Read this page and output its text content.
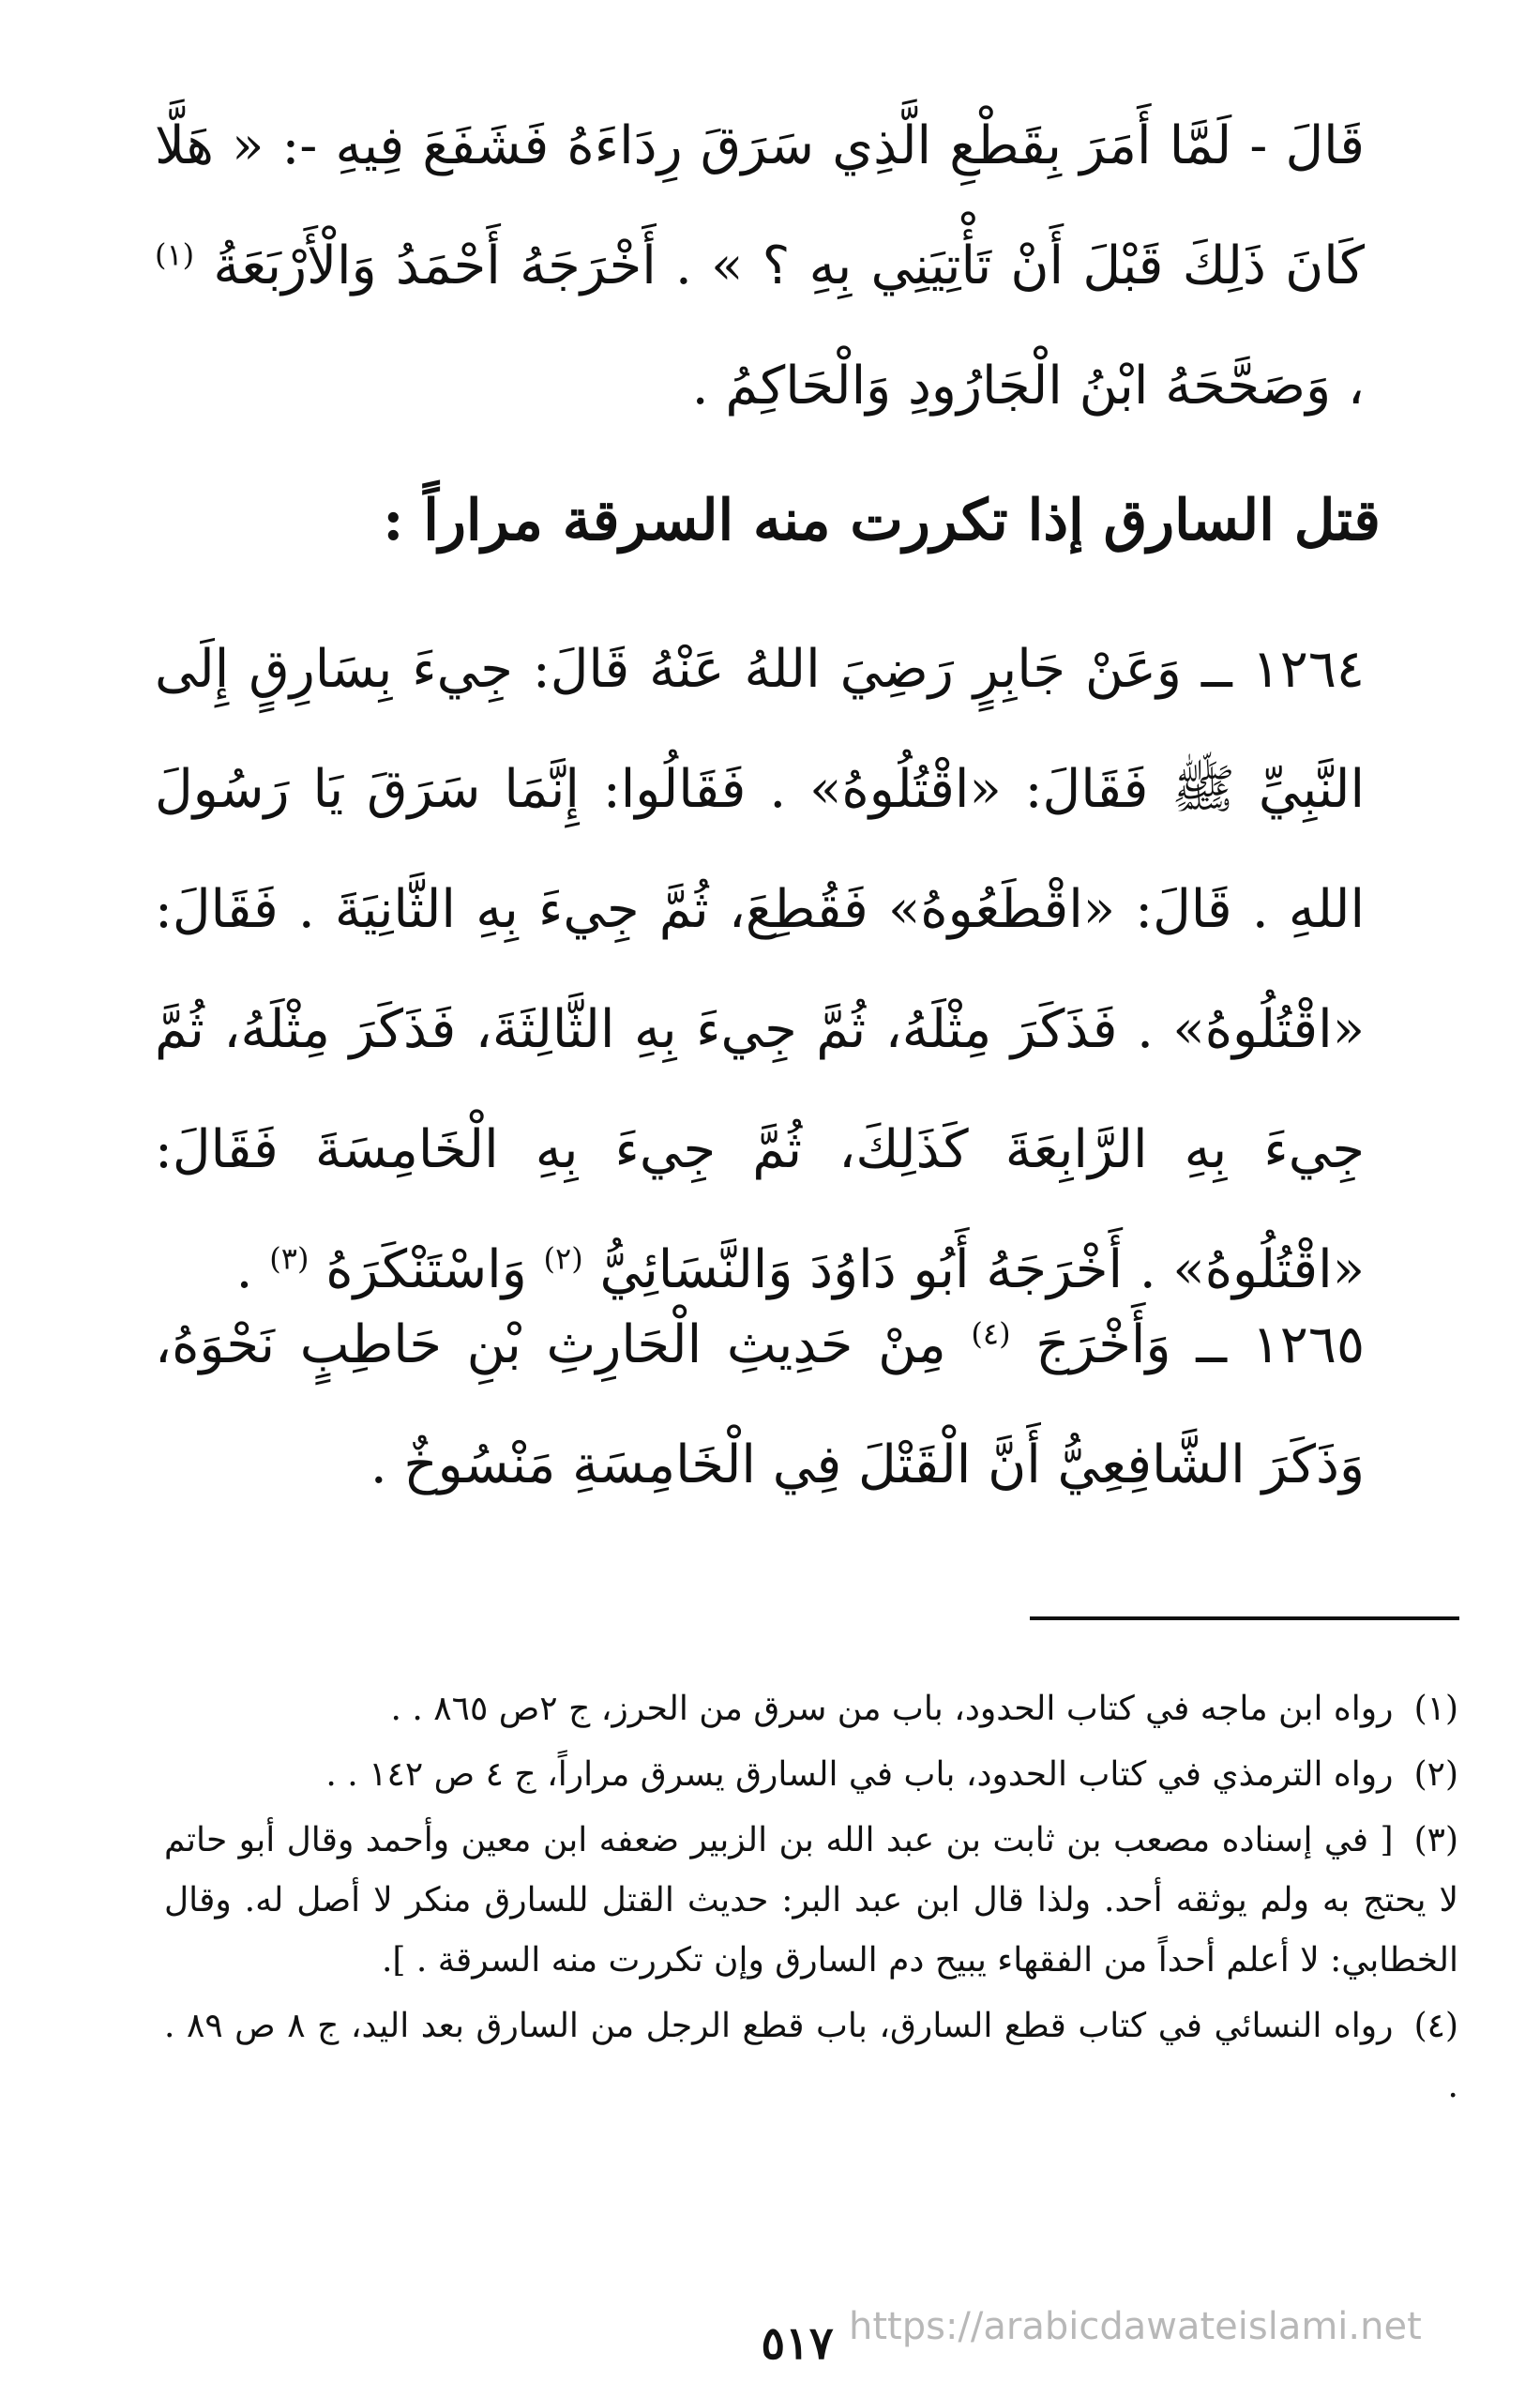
قَالَ - لَمَّا أَمَرَ بِقَطْعِ الَّذِي سَرَقَ رِدَاءَهُ فَشَفَعَ فِيهِ -: « هَلَّا كَانَ ذَلِكَ قَبْلَ أَنْ تَأْتِيَنِي بِهِ ؟ » . أَخْرَجَهُ أَحْمَدُ وَالْأَرْبَعَةُ $^{(١)}$ ، وَصَحَّحَهُ ابْنُ الْجَارُودِ وَالْحَاكِمُ .

قتل السارق إذا تكررت منه السرقة مراراً :

١٢٦٤ ــ وَعَنْ جَابِرٍ رَضِيَ اللهُ عَنْهُ قَالَ: جِيءَ بِسَارِقٍ إِلَى النَّبِيِّ ﷺ فَقَالَ: «اقْتُلُوهُ» . فَقَالُوا: إِنَّمَا سَرَقَ يَا رَسُولَ اللهِ . قَالَ: «اقْطَعُوهُ» فَقُطِعَ، ثُمَّ جِيءَ بِهِ الثَّانِيَةَ . فَقَالَ: «اقْتُلُوهُ» . فَذَكَرَ مِثْلَهُ، ثُمَّ جِيءَ بِهِ الثَّالِثَةَ، فَذَكَرَ مِثْلَهُ، ثُمَّ جِيءَ بِهِ الرَّابِعَةَ كَذَلِكَ، ثُمَّ جِيءَ بِهِ الْخَامِسَةَ فَقَالَ: «اقْتُلُوهُ» . أَخْرَجَهُ أَبُو دَاوُدَ وَالنَّسَائِيُّ $^{(٢)}$ وَاسْتَنْكَرَهُ $^{(٣)}$ .

١٢٦٥ ــ وَأَخْرَجَ $^{(٤)}$ مِنْ حَدِيثِ الْحَارِثِ بْنِ حَاطِبٍ نَحْوَهُ، وَذَكَرَ الشَّافِعِيُّ أَنَّ الْقَتْلَ فِي الْخَامِسَةِ مَنْسُوخٌ .

(١)رواه ابن ماجه في كتاب الحدود، باب من سرق من الحرز، ج ٢ص ٨٦٥ . .

(٢)رواه الترمذي في كتاب الحدود، باب في السارق يسرق مراراً، ج ٤ ص ١٤٢ . .

(٣)[ في إسناده مصعب بن ثابت بن عبد الله بن الزبير ضعفه ابن معين وأحمد وقال أبو حاتم لا يحتج به ولم يوثقه أحد. ولذا قال ابن عبد البر: حديث القتل للسارق منكر لا أصل له. وقال الخطابي: لا أعلم أحداً من الفقهاء يبيح دم السارق وإن تكررت منه السرقة . ].

(٤)رواه النسائي في كتاب قطع السارق، باب قطع الرجل من السارق بعد اليد، ج ٨ ص ٨٩ . .

٥١٧ https://arabicdawateislami.net
